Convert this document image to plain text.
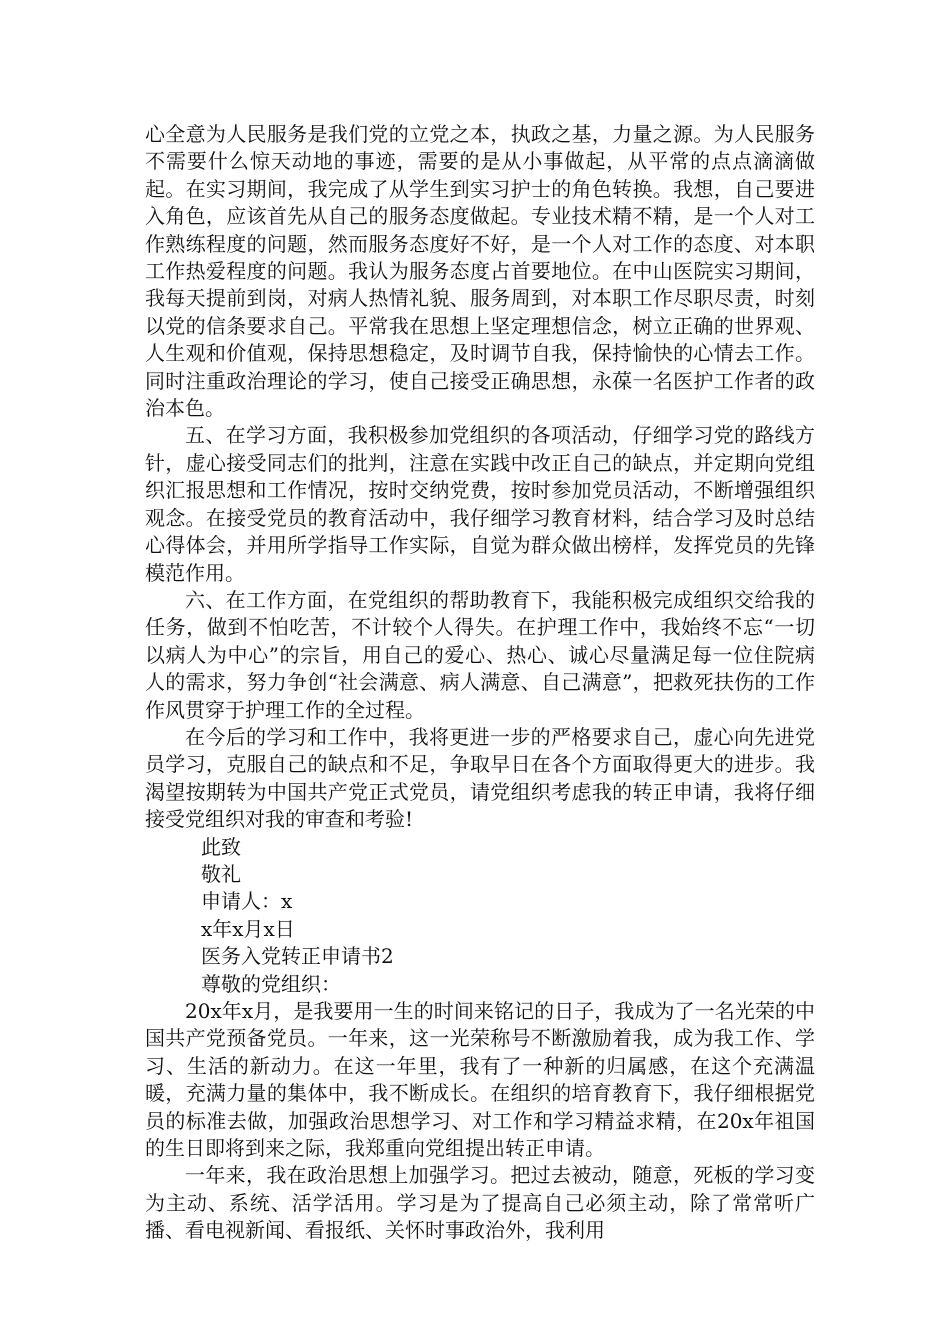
心全意为人民服务是我们党的立党之本，执政之基，力量之源。为人民服务不需要什么惊天动地的事迹，需要的是从小事做起，从平常的点点滴滴做起。在实习期间，我完成了从学生到实习护士的角色转换。我想，自己要进入角色，应该首先从自己的服务态度做起。专业技术精不精，是一个人对工作熟练程度的问题，然而服务态度好不好，是一个人对工作的态度、对本职工作热爱程度的问题。我认为服务态度占首要地位。在中山医院实习期间，我每天提前到岗，对病人热情礼貌、服务周到，对本职工作尽职尽责，时刻以党的信条要求自己。平常我在思想上坚定理想信念，树立正确的世界观、人生观和价值观，保持思想稳定，及时调节自我，保持愉快的心情去工作。同时注重政治理论的学习，使自己接受正确思想，永葆一名医护工作者的政治本色。

五、在学习方面，我积极参加党组织的各项活动，仔细学习党的路线方针，虚心接受同志们的批判，注意在实践中改正自己的缺点，并定期向党组织汇报思想和工作情况，按时交纳党费，按时参加党员活动，不断增强组织观念。在接受党员的教育活动中，我仔细学习教育材料，结合学习及时总结心得体会，并用所学指导工作实际，自觉为群众做出榜样，发挥党员的先锋模范作用。

六、在工作方面，在党组织的帮助教育下，我能积极完成组织交给我的任务，做到不怕吃苦，不计较个人得失。在护理工作中，我始终不忘“一切以病人为中心”的宗旨，用自己的爱心、热心、诚心尽量满足每一位住院病人的需求，努力争创“社会满意、病人满意、自己满意”，把救死扶伤的工作作风贯穿于护理工作的全过程。

在今后的学习和工作中，我将更进一步的严格要求自己，虚心向先进党员学习，克服自己的缺点和不足，争取早日在各个方面取得更大的进步。我渴望按期转为中国共产党正式党员，请党组织考虑我的转正申请，我将仔细接受党组织对我的审查和考验!

此致

敬礼

申请人：x

x年x月x日

医务入党转正申请书2

尊敬的党组织：

20x年x月，是我要用一生的时间来铭记的日子，我成为了一名光荣的中国共产党预备党员。一年来，这一光荣称号不断激励着我，成为我工作、学习、生活的新动力。在这一年里，我有了一种新的归属感，在这个充满温暖，充满力量的集体中，我不断成长。在组织的培育教育下，我仔细根据党员的标准去做，加强政治思想学习、对工作和学习精益求精，在20x年祖国的生日即将到来之际，我郑重向党组提出转正申请。

一年来，我在政治思想上加强学习。把过去被动，随意，死板的学习变为主动、系统、活学活用。学习是为了提高自己必须主动，除了常常听广播、看电视新闻、看报纸、关怀时事政治外，我利用
